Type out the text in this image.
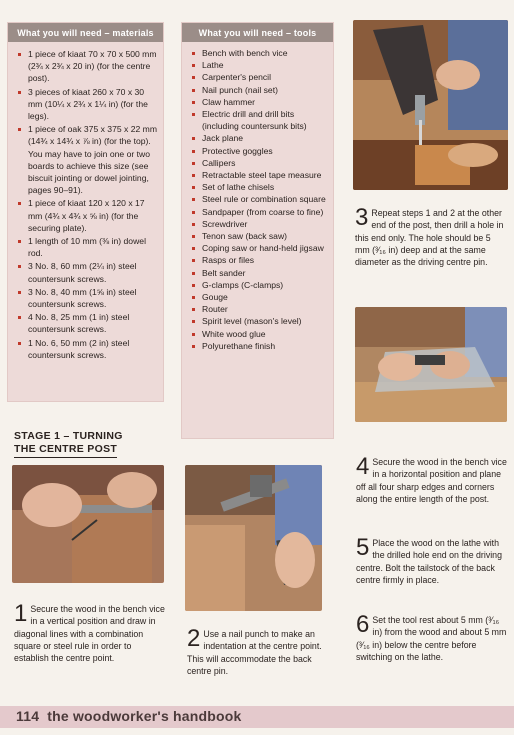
What you will need – materials
1 piece of kiaat 70 x 70 x 500 mm (2¾ x 2¾ x 20 in) (for the centre post).
3 pieces of kiaat 260 x 70 x 30 mm (10¼ x 2¾ x 1¼ in) (for the legs).
1 piece of oak 375 x 375 x 22 mm (14¾ x 14¾ x ⅞ in) (for the top). You may have to join one or two boards to achieve this size (see biscuit jointing or dowel jointing, pages 90–91).
1 piece of kiaat 120 x 120 x 17 mm (4¾ x 4¾ x ⅝ in) (for the securing plate).
1 length of 10 mm (⅜ in) dowel rod.
3 No. 8, 60 mm (2¼ in) steel countersunk screws.
3 No. 8, 40 mm (1⅝ in) steel countersunk screws.
4 No. 8, 25 mm (1 in) steel countersunk screws.
1 No. 6, 50 mm (2 in) steel countersunk screws.
What you will need – tools
Bench with bench vice
Lathe
Carpenter's pencil
Nail punch (nail set)
Claw hammer
Electric drill and drill bits (including countersunk bits)
Jack plane
Protective goggles
Callipers
Retractable steel tape measure
Set of lathe chisels
Steel rule or combination square
Sandpaper (from coarse to fine)
Screwdriver
Tenon saw (back saw)
Coping saw or hand-held jigsaw
Rasps or files
Belt sander
G-clamps (C-clamps)
Gouge
Router
Spirit level (mason's level)
White wood glue
Polyurethane finish
STAGE 1 – TURNING
THE CENTRE POST
1 Secure the wood in the bench vice in a vertical position and draw in diagonal lines with a combination square or steel rule in order to establish the centre point.
2 Use a nail punch to make an indentation at the centre point. This will accommodate the back centre pin.
3 Repeat steps 1 and 2 at the other end of the post, then drill a hole in this end only. The hole should be 5 mm (³⁄₁₆ in) deep and at the same diameter as the driving centre pin.
4 Secure the wood in the bench vice in a horizontal position and plane off all four sharp edges and corners along the entire length of the post.
5 Place the wood on the lathe with the drilled hole end on the driving centre. Bolt the tailstock of the back centre firmly in place.
6 Set the tool rest about 5 mm (³⁄₁₆ in) from the wood and about 5 mm (³⁄₁₆ in) below the centre before switching on the lathe.
114 the woodworker's handbook
